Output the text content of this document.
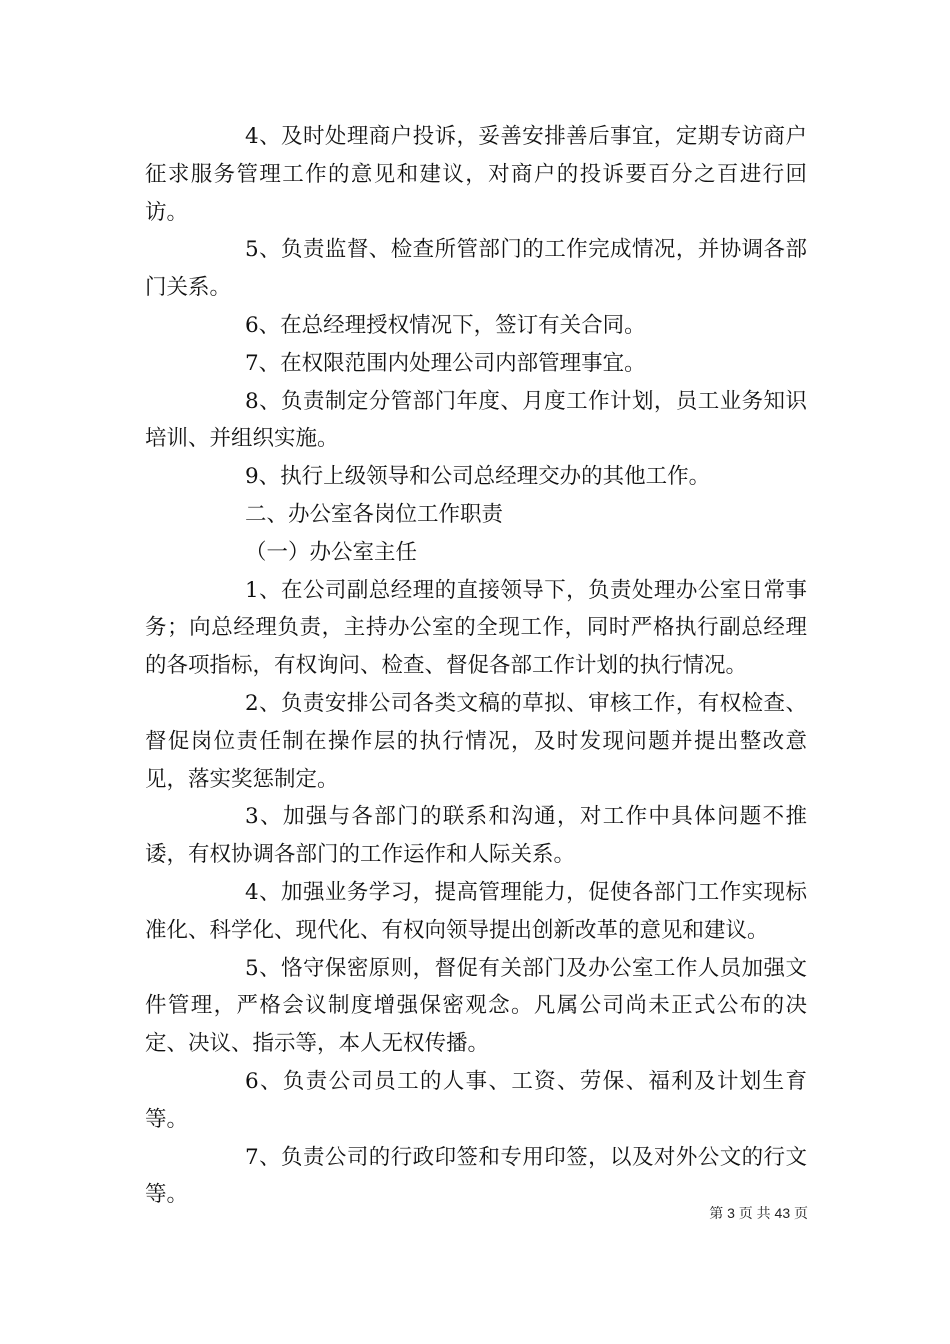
4、及时处理商户投诉，妥善安排善后事宜，定期专访商户征求服务管理工作的意见和建议，对商户的投诉要百分之百进行回访。

5、负责监督、检查所管部门的工作完成情况，并协调各部门关系。

6、在总经理授权情况下，签订有关合同。

7、在权限范围内处理公司内部管理事宜。

8、负责制定分管部门年度、月度工作计划，员工业务知识培训、并组织实施。

9、执行上级领导和公司总经理交办的其他工作。

二、办公室各岗位工作职责

（一）办公室主任

1、在公司副总经理的直接领导下，负责处理办公室日常事务；向总经理负责，主持办公室的全现工作，同时严格执行副总经理的各项指标，有权询问、检查、督促各部工作计划的执行情况。

2、负责安排公司各类文稿的草拟、审核工作，有权检查、督促岗位责任制在操作层的执行情况，及时发现问题并提出整改意见，落实奖惩制定。

3、加强与各部门的联系和沟通，对工作中具体问题不推诿，有权协调各部门的工作运作和人际关系。

4、加强业务学习，提高管理能力，促使各部门工作实现标准化、科学化、现代化、有权向领导提出创新改革的意见和建议。

5、恪守保密原则，督促有关部门及办公室工作人员加强文件管理，严格会议制度增强保密观念。凡属公司尚未正式公布的决定、决议、指示等，本人无权传播。

6、负责公司员工的人事、工资、劳保、福利及计划生育等。

7、负责公司的行政印签和专用印签，以及对外公文的行文等。

第 3 页 共 43 页
